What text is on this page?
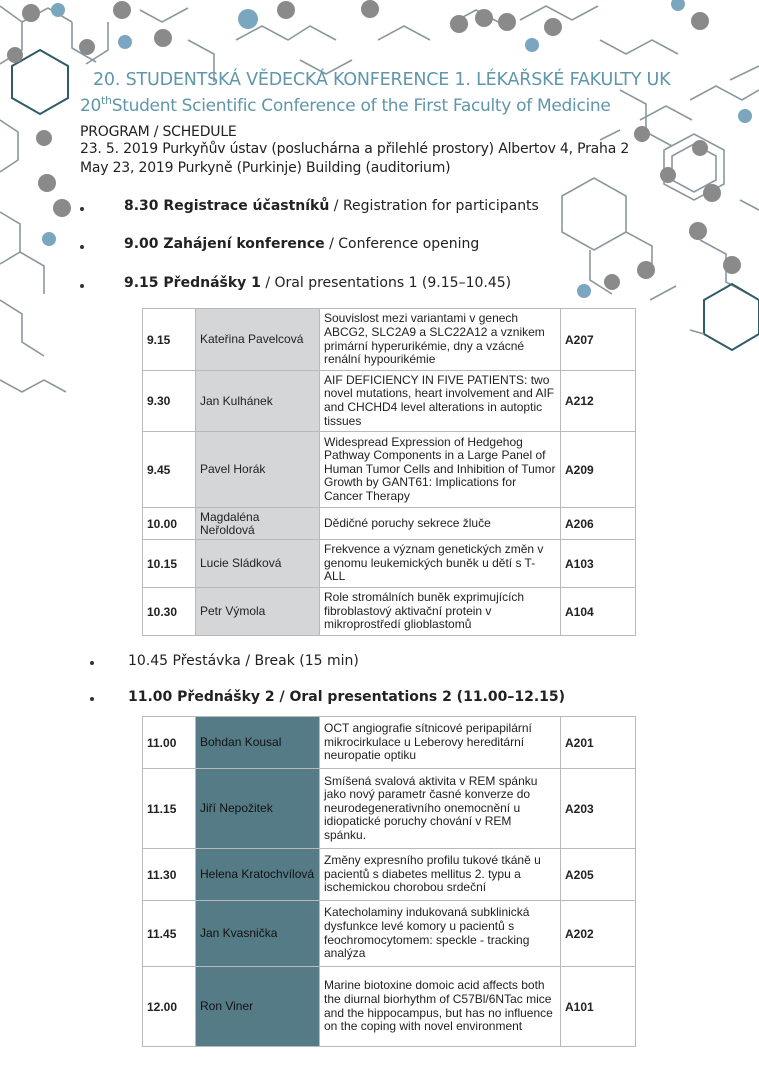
20. STUDENTSKÁ VĚDECKÁ KONFERENCE 1. LÉKAŘSKÉ FAKULTY UK
20thStudent Scientific Conference of the First Faculty of Medicine
PROGRAM / SCHEDULE
23. 5. 2019 Purkyňův ústav (posluchárna a přilehlé prostory) Albertov 4, Praha 2
May 23, 2019 Purkyně (Purkinje) Building (auditorium)
8.30 Registrace účastníků / Registration for participants
9.00 Zahájení konference / Conference opening
9.15 Přednášky 1 / Oral presentations 1 (9.15–10.45)
9.15	Kateřina Pavelcová	Souvislost mezi variantami v genech ABCG2, SLC2A9 a SLC22A12 a vznikem primární hyperurikémie, dny a vzácné renální hypourikémie	A207
9.30	Jan Kulhánek	AIF DEFICIENCY IN FIVE PATIENTS: two novel mutations, heart involvement and AIF and CHCHD4 level alterations in autoptic tissues	A212
9.45	Pavel Horák	Widespread Expression of Hedgehog Pathway Components in a Large Panel of Human Tumor Cells and Inhibition of Tumor Growth by GANT61: Implications for Cancer Therapy	A209
10.00	Magdaléna Neřoldová	Dědičné poruchy sekrece žluče	A206
10.15	Lucie Sládková	Frekvence a význam genetických změn v genomu leukemických buněk u dětí s T-ALL	A103
10.30	Petr Výmola	Role stromálních buněk exprimujících fibroblastový aktivační protein v mikroprostředí glioblastomů	A104
10.45 Přestávka / Break (15 min)
11.00 Přednášky 2 / Oral presentations 2 (11.00–12.15)
11.00	Bohdan Kousal	OCT angiografie sítnicové peripapilární mikrocirkulace u Leberovy hereditární neuropatie optiku	A201
11.15	Jiří Nepožitek	Smíšená svalová aktivita v REM spánku jako nový parametr časné konverze do neurodegenerativního onemocnění u idiopatické poruchy chování v REM spánku.	A203
11.30	Helena Kratochvílová	Změny expresního profilu tukové tkáně u pacientů s diabetes mellitus 2. typu a ischemickou chorobou srdeční	A205
11.45	Jan Kvasnička	Katecholaminy indukovaná subklinická dysfunkce levé komory u pacientů s feochromocytomem: speckle - tracking analýza	A202
12.00	Ron Viner	Marine biotoxine domoic acid affects both the diurnal biorhythm of C57Bl/6NTac mice and the hippocampus, but has no influence on the coping with novel environment	A101
